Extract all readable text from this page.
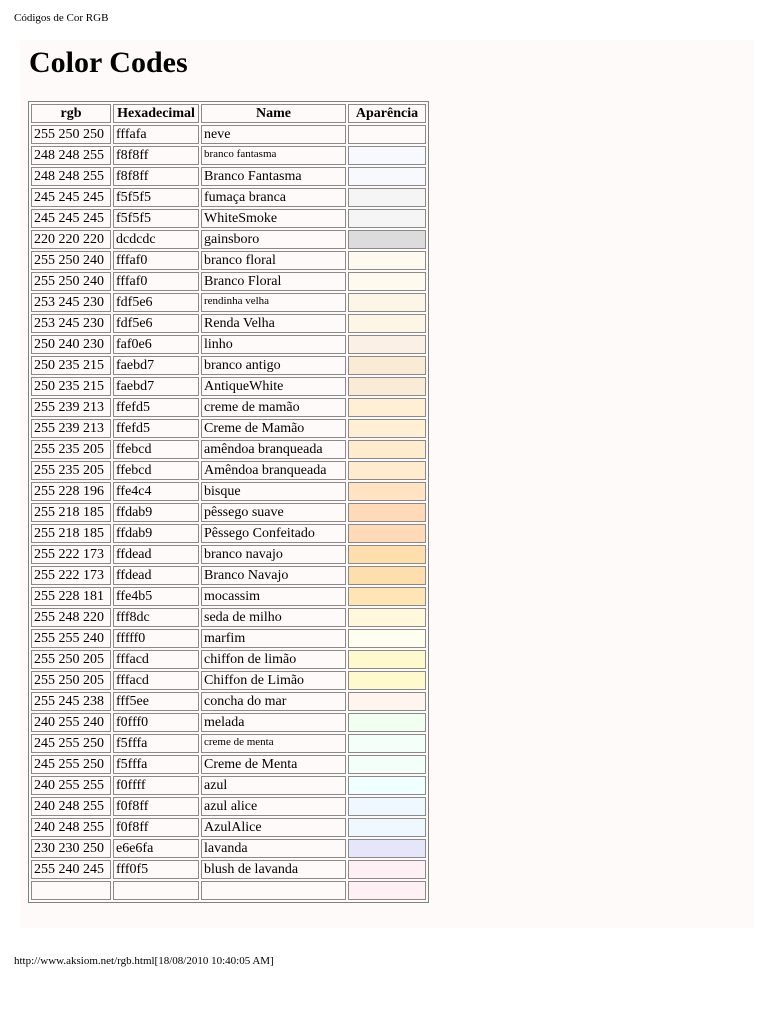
Códigos de Cor RGB
Color Codes
rgb	Hexadecimal	Name	Aparência
255 250 250	fffafa	neve	
248 248 255	f8f8ff	branco fantasma	
248 248 255	f8f8ff	Branco Fantasma	
245 245 245	f5f5f5	fumaça branca	
245 245 245	f5f5f5	WhiteSmoke	
220 220 220	dcdcdc	gainsboro	
255 250 240	fffaf0	branco floral	
255 250 240	fffaf0	Branco Floral	
253 245 230	fdf5e6	rendinha velha	
253 245 230	fdf5e6	Renda Velha	
250 240 230	faf0e6	linho	
250 235 215	faebd7	branco antigo	
250 235 215	faebd7	AntiqueWhite	
255 239 213	ffefd5	creme de mamão	
255 239 213	ffefd5	Creme de Mamão	
255 235 205	ffebcd	amêndoa branqueada	
255 235 205	ffebcd	Amêndoa branqueada	
255 228 196	ffe4c4	bisque	
255 218 185	ffdab9	pêssego suave	
255 218 185	ffdab9	Pêssego Confeitado	
255 222 173	ffdead	branco navajo	
255 222 173	ffdead	Branco Navajo	
255 228 181	ffe4b5	mocassim	
255 248 220	fff8dc	seda de milho	
255 255 240	fffff0	marfim	
255 250 205	fffacd	chiffon de limão	
255 250 205	fffacd	Chiffon de Limão	
255 245 238	fff5ee	concha do mar	
240 255 240	f0fff0	melada	
245 255 250	f5fffa	creme de menta	
245 255 250	f5fffa	Creme de Menta	
240 255 255	f0ffff	azul	
240 248 255	f0f8ff	azul alice	
240 248 255	f0f8ff	AzulAlice	
230 230 250	e6e6fa	lavanda	
255 240 245	fff0f5	blush de lavanda	

http://www.aksiom.net/rgb.html[18/08/2010 10:40:05 AM]
